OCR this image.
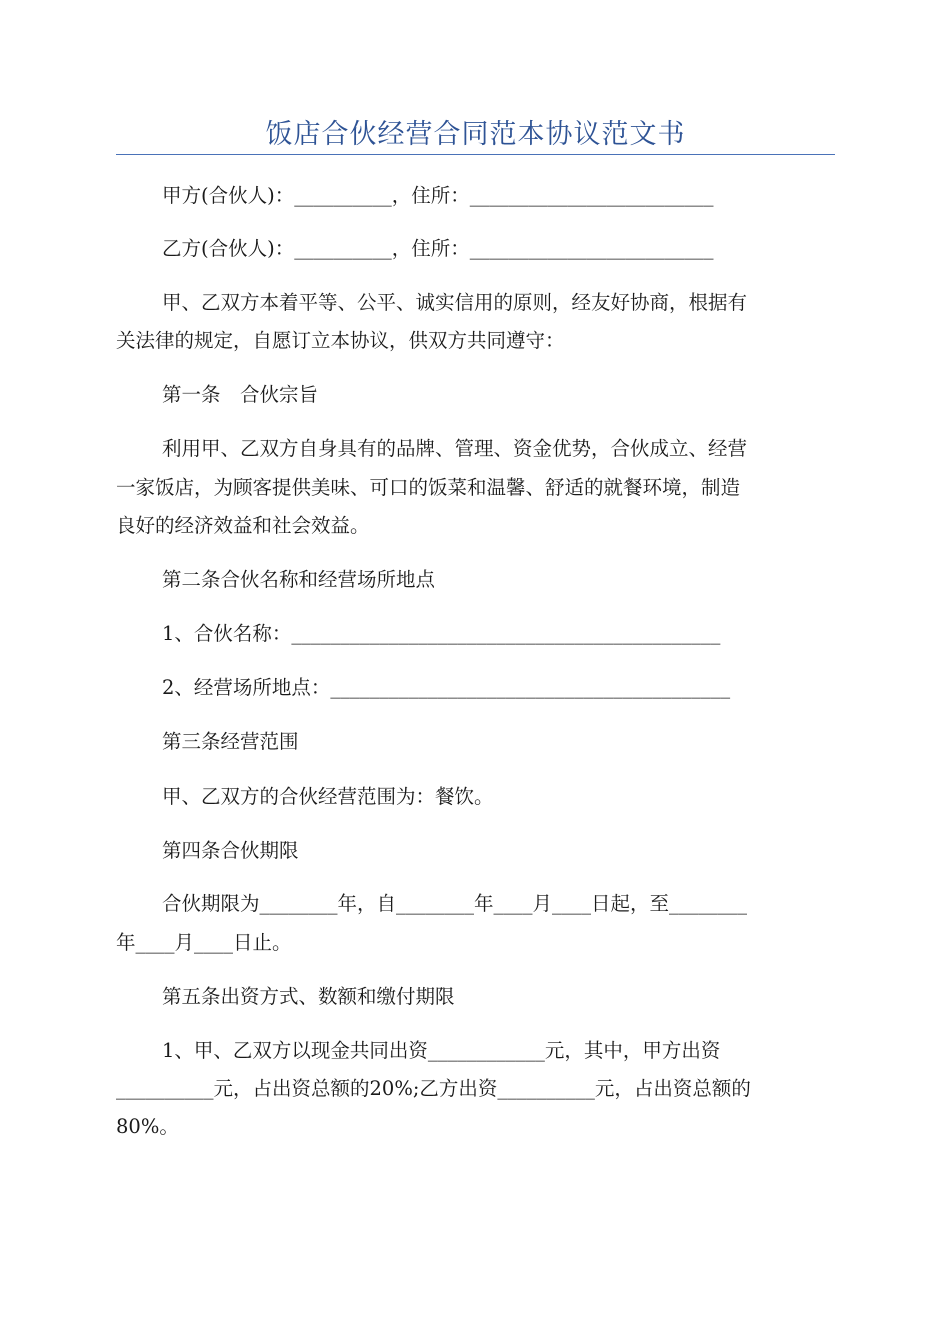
饭店合伙经营合同范本协议范文书
甲方(合伙人)：__________，住所：_________________________
乙方(合伙人)：__________，住所：_________________________
甲、乙双方本着平等、公平、诚实信用的原则，经友好协商，根据有
关法律的规定，自愿订立本协议，供双方共同遵守：
第一条　合伙宗旨
利用甲、乙双方自身具有的品牌、管理、资金优势，合伙成立、经营
一家饭店，为顾客提供美味、可口的饭菜和温馨、舒适的就餐环境，制造
良好的经济效益和社会效益。
第二条合伙名称和经营场所地点
1、合伙名称：____________________________________________
2、经营场所地点：_________________________________________
第三条经营范围
甲、乙双方的合伙经营范围为：餐饮。
第四条合伙期限
合伙期限为________年，自________年____月____日起，至________
年____月____日止。
第五条出资方式、数额和缴付期限
1、甲、乙双方以现金共同出资____________元，其中，甲方出资
__________元，占出资总额的20%;乙方出资__________元，占出资总额的
80%。
